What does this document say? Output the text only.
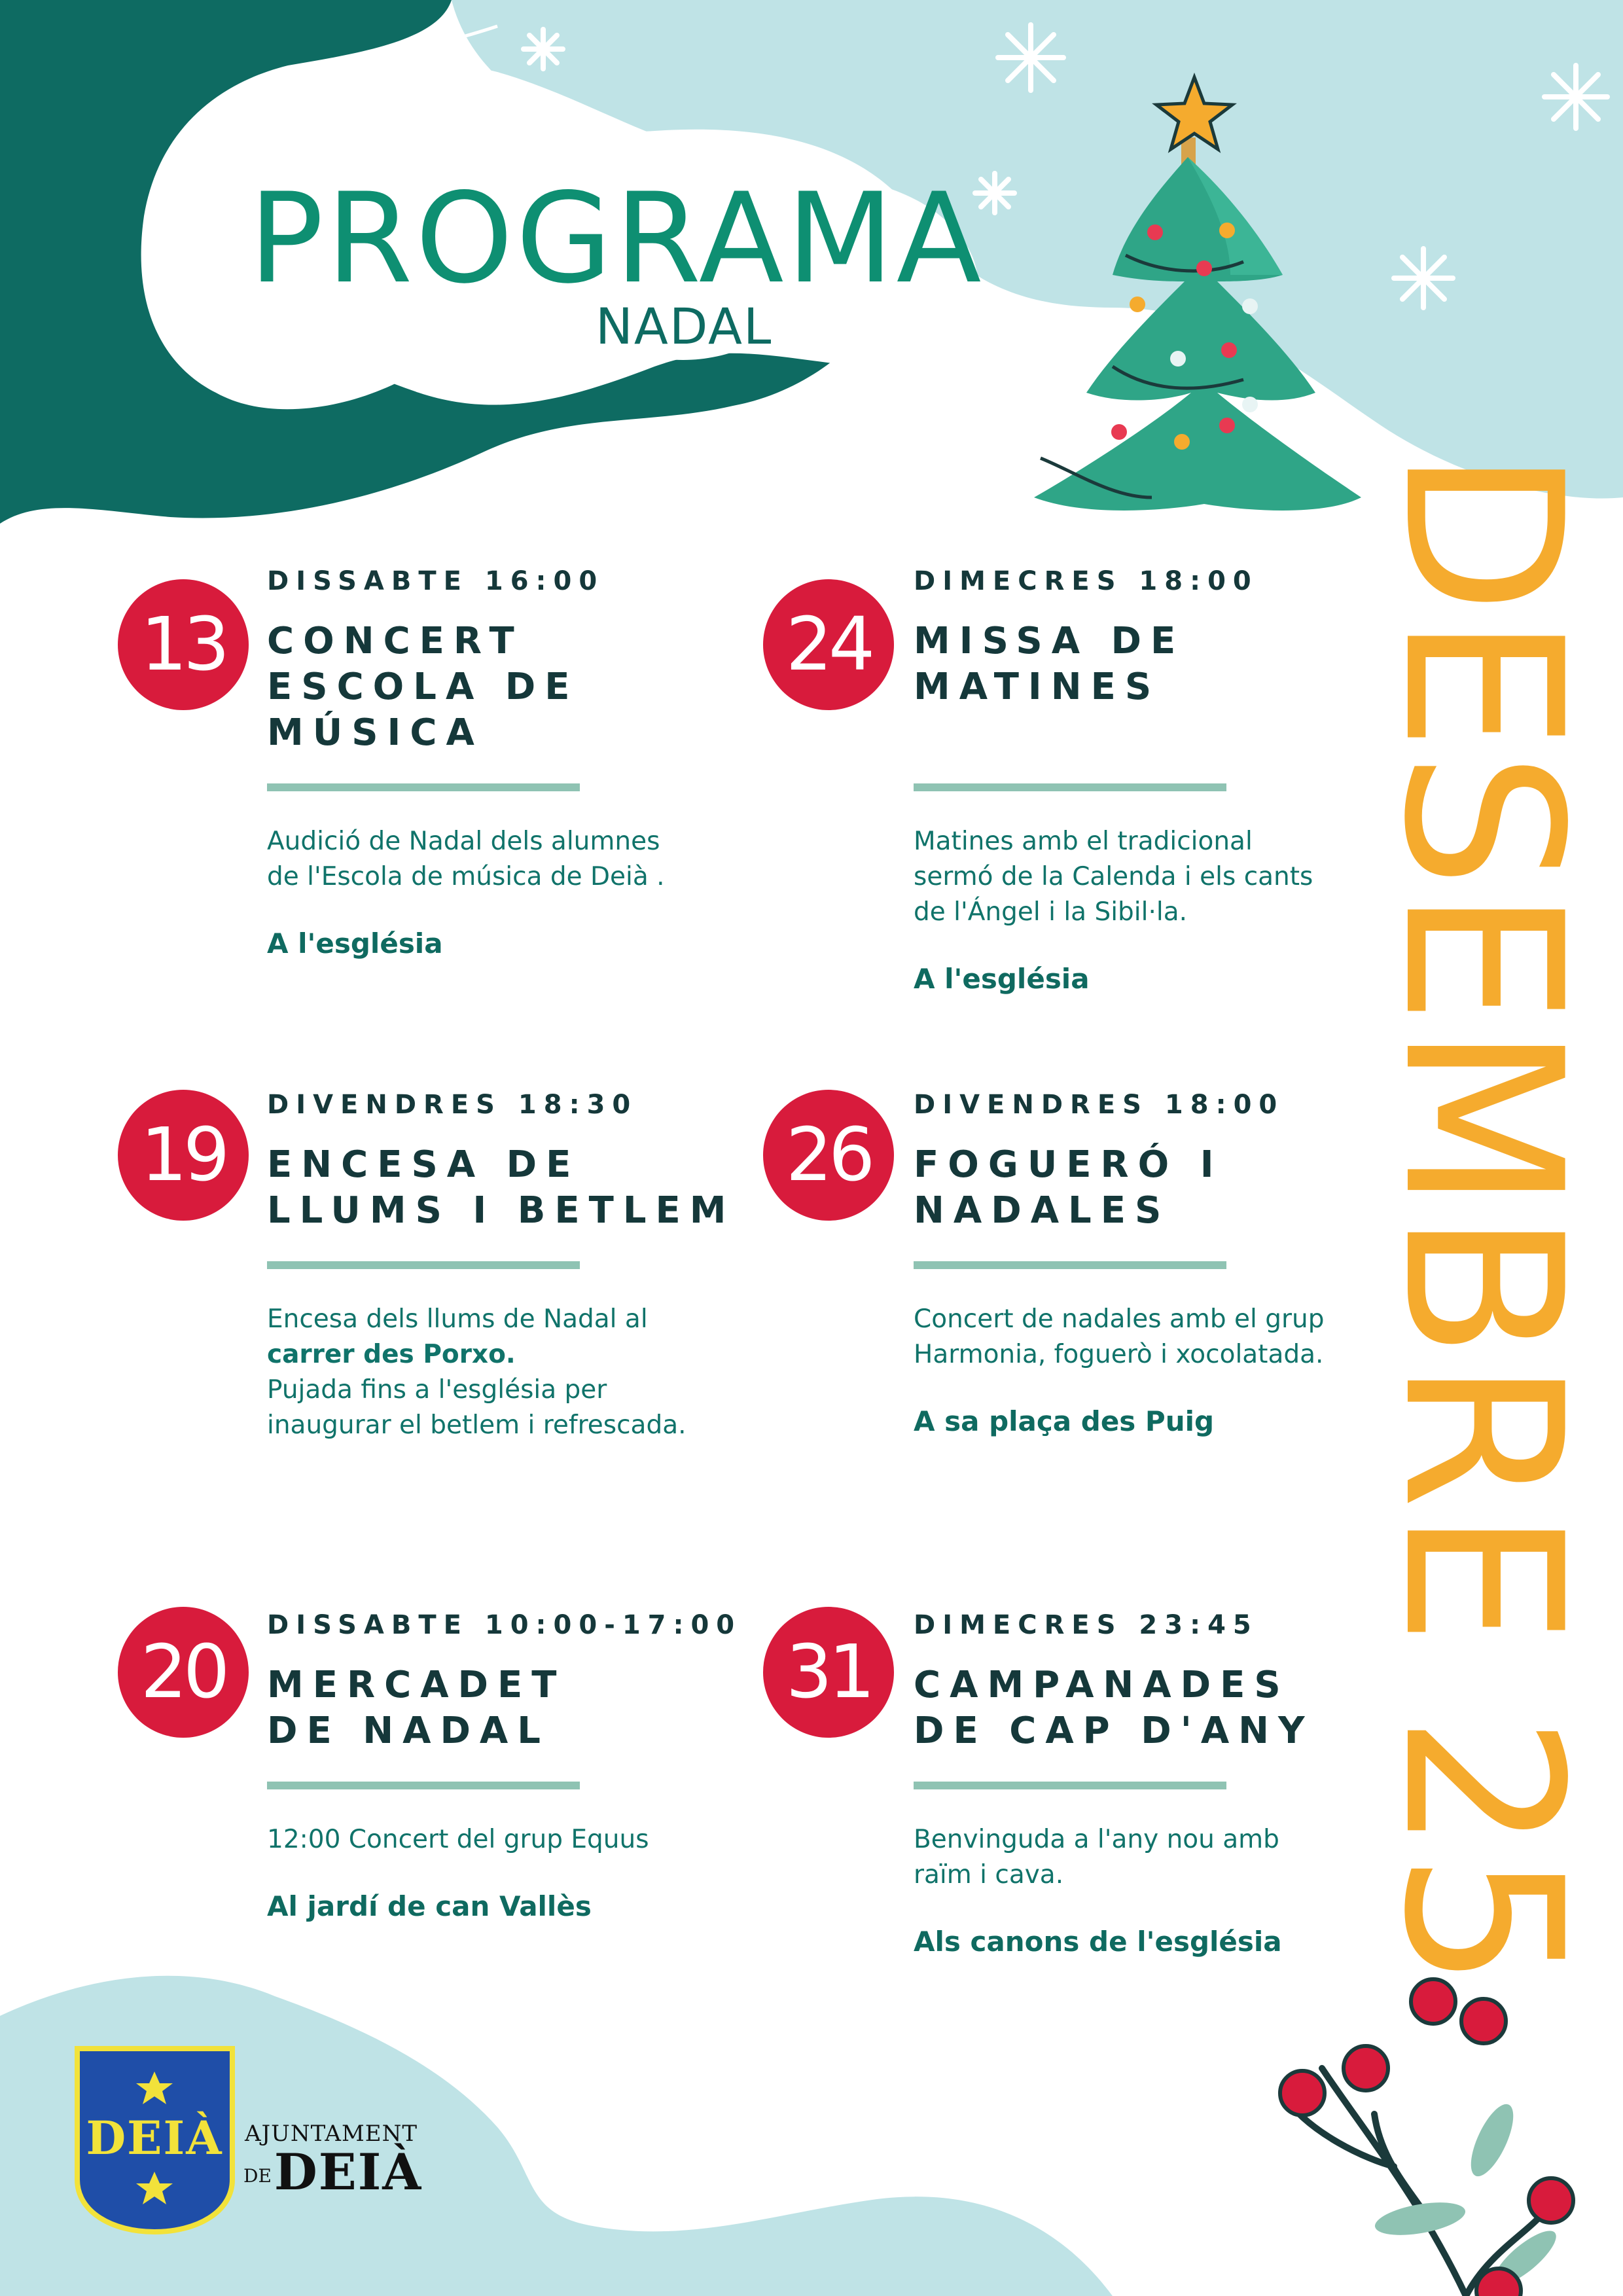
PROGRAMA
NADAL
13

DISSABTE 16:00

CONCERT

ESCOLA DE

MÚSICA

Audició de Nadal dels alumnes

de l'Escola de música de Deià .

A l'església

24

DIMECRES 18:00

MISSA DE

MATINES

Matines amb el tradicional

sermó de la Calenda i els cants

de l'Ángel i la Sibil·la.

A l'església

19

DIVENDRES 18:30

ENCESA DE

LLUMS I BETLEM

Encesa dels llums de Nadal al

carrer des Porxo.

Pujada fins a l'església per

inaugurar el betlem i refrescada.

26

DIVENDRES 18:00

FOGUERÓ I

NADALES

Concert de nadales amb el grup

Harmonia, foguerò i xocolatada.

A sa plaça des Puig

20

DISSABTE 10:00-17:00

MERCADET

DE NADAL

12:00 Concert del grup Equus

Al jardí de can Vallès

31

DIMECRES 23:45

CAMPANADES

DE CAP D'ANY

Benvinguda a l'any nou amb

raïm i cava.

Als canons de l'església DESEMBRE 25
DEIÀ AJUNTAMENT
DE DEIÀ
